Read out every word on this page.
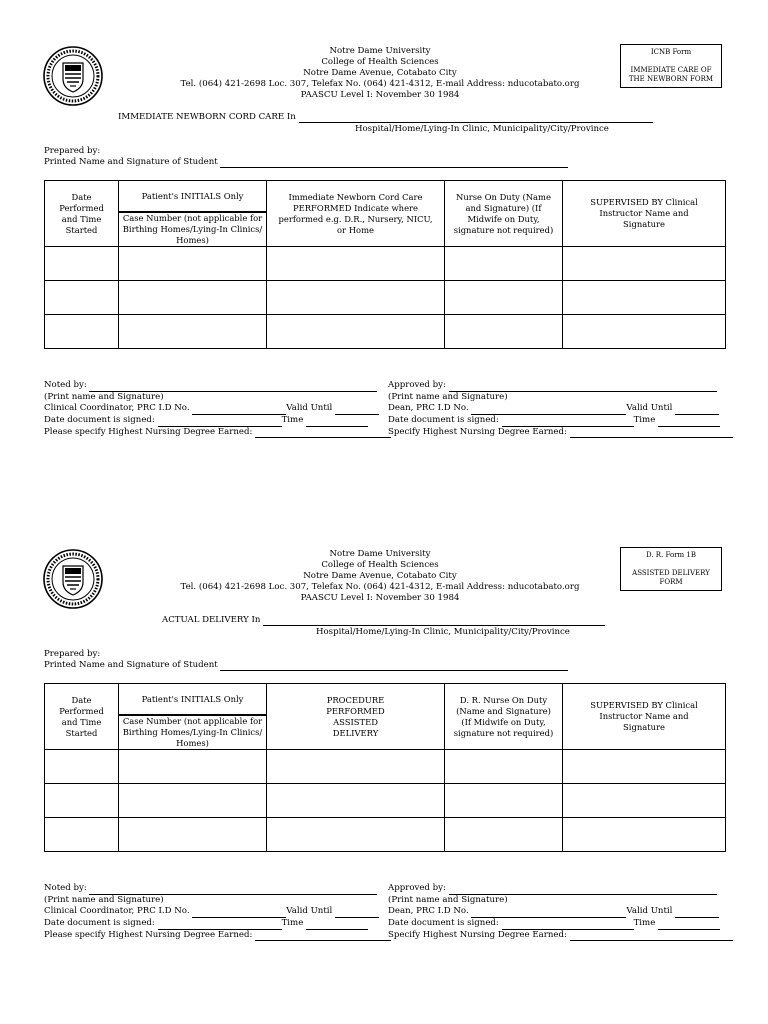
Notre Dame University
College of Health Sciences
Notre Dame Avenue, Cotabato City
Tel. (064) 421-2698 Loc. 307, Telefax No. (064) 421-4312, E-mail Address: nducotabato.org
PAASCU Level I: November 30 1984
ICNB Form
IMMEDIATE CARE OF THE NEWBORN FORM
IMMEDIATE NEWBORN CORD CARE In
Hospital/Home/Lying-In Clinic, Municipality/City/Province
Prepared by:
Printed Name and Signature of Student
Date Performed and Time Started	Patient's INITIALS Only	Immediate Newborn Cord Care PERFORMED Indicate where performed e.g. D.R., Nursery, NICU, or Home	Nurse On Duty (Name and Signature) (If Midwife on Duty, signature not required)	SUPERVISED BY Clinical Instructor Name and Signature

	Case Number (not applicable for Birthing Homes/Lying-In Clinics/ Homes)			

Noted by:
(Print name and Signature)
Clinical Coordinator, PRC I.D No.	Valid Until
Date document is signed:	Time
Please specify Highest Nursing Degree Earned:
Approved by:
(Print name and Signature)
Dean, PRC I.D No.	Valid Until
Date document is signed:	Time
Specify Highest Nursing Degree Earned:
Notre Dame University
College of Health Sciences
Notre Dame Avenue, Cotabato City
Tel. (064) 421-2698 Loc. 307, Telefax No. (064) 421-4312, E-mail Address: nducotabato.org
PAASCU Level I: November 30 1984
D. R. Form 1B
ASSISTED DELIVERY FORM
ACTUAL DELIVERY In
Hospital/Home/Lying-In Clinic, Municipality/City/Province
Prepared by:
Printed Name and Signature of Student
Date Performed and Time Started	Patient's INITIALS Only	PROCEDURE PERFORMED ASSISTED DELIVERY	D. R. Nurse On Duty (Name and Signature) (If Midwife on Duty, signature not required)	SUPERVISED BY Clinical Instructor Name and Signature

	Case Number (not applicable for Birthing Homes/Lying-In Clinics/ Homes)			

Noted by:
(Print name and Signature)
Clinical Coordinator, PRC I.D No.	Valid Until
Date document is signed:	Time
Please specify Highest Nursing Degree Earned:
Approved by:
(Print name and Signature)
Dean, PRC I.D No.	Valid Until
Date document is signed:	Time
Specify Highest Nursing Degree Earned:
